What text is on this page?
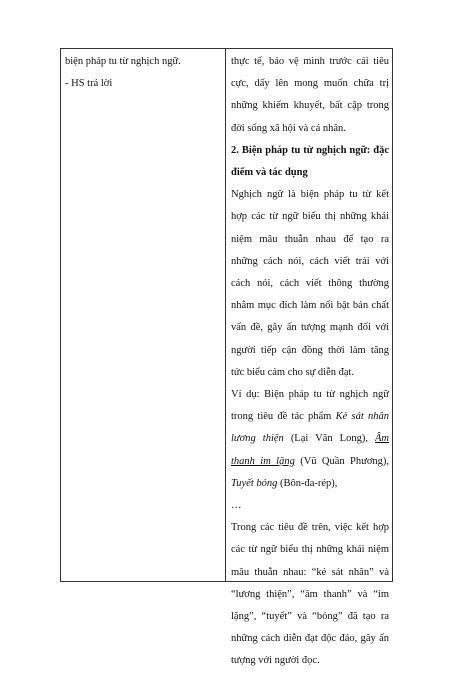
biện pháp tu từ nghịch ngữ.
- HS trả lời

thực tế, bảo vệ mình trước cái tiêu cực, dấy lên mong muốn chữa trị những khiếm khuyết, bất cập trong đời sống xã hội và cá nhân.

2. Biện pháp tu từ nghịch ngữ: đặc điểm và tác dụng

Nghịch ngữ là biện pháp tu từ kết hợp các từ ngữ biểu thị những khái niệm mâu thuẫn nhau để tạo ra những cách nói, cách viết trái với cách nói, cách viết thông thường nhằm mục đích làm nổi bật bản chất vấn đề, gây ấn tượng mạnh đối với người tiếp cận đồng thời làm tăng tức biểu cảm cho sự diễn đạt.

Ví dụ: Biện pháp tu từ nghịch ngữ trong tiêu đề tác phẩm Kẻ sát nhân lương thiện (Lại Văn Long), Âm thanh im lặng (Vũ Quần Phương), Tuyết bỏng (Bôn-đa-rép),
…

Trong các tiêu đề trên, việc kết hợp các từ ngữ biểu thị những khái niệm mâu thuẫn nhau: “kẻ sát nhân” và “lương thiện”, “âm thanh” và “im lặng”, “tuyết” và “bỏng” đã tạo ra những cách diễn đạt độc đáo, gây ấn tượng với người đọc.
